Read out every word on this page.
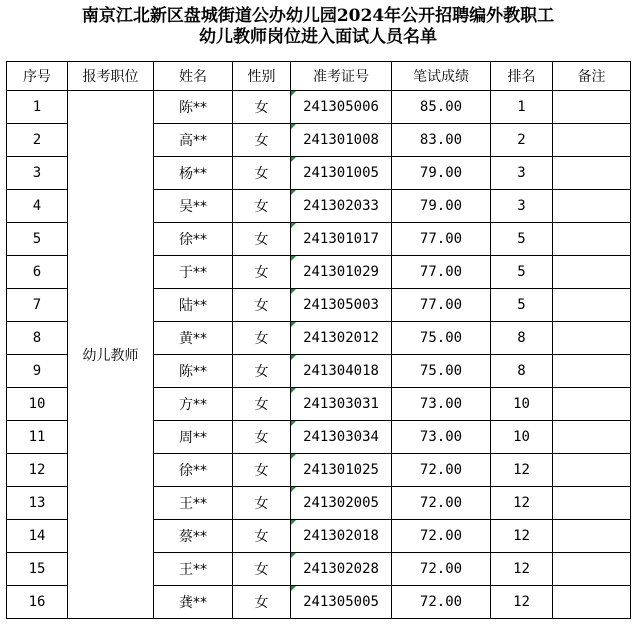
南京江北新区盘城街道公办幼儿园2024年公开招聘编外教职工
幼儿教师岗位进入面试人员名单
序号	报考职位	姓名	性别	准考证号	笔试成绩	排名	备注
1	幼儿教师	陈**	女	241305006	85.00	1	
2		高**	女	241301008	83.00	2	
3		杨**	女	241301005	79.00	3	
4		吴**	女	241302033	79.00	3	
5		徐**	女	241301017	77.00	5	
6		于**	女	241301029	77.00	5	
7		陆**	女	241305003	77.00	5	
8		黄**	女	241302012	75.00	8	
9		陈**	女	241304018	75.00	8	
10		方**	女	241303031	73.00	10	
11		周**	女	241303034	73.00	10	
12		徐**	女	241301025	72.00	12	
13		王**	女	241302005	72.00	12	
14		蔡**	女	241302018	72.00	12	
15		王**	女	241302028	72.00	12	
16		龚**	女	241305005	72.00	12	
